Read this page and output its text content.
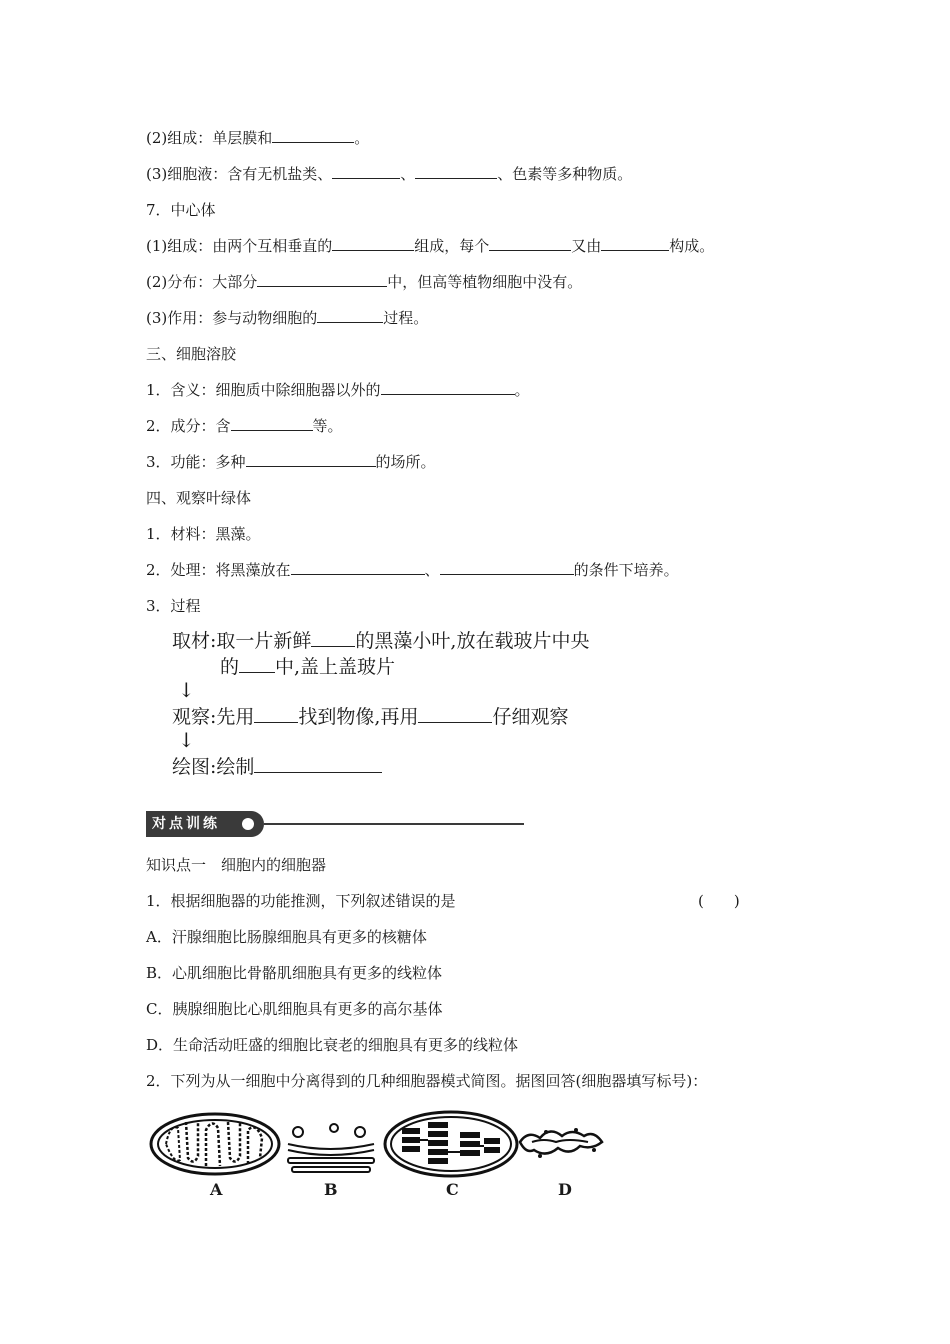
(2)组成：单层膜和	。
(3)细胞液：含有无机盐类、	、	、色素等多种物质。
7．中心体
(1)组成：由两个互相垂直的	组成，每个	又由	构成。
(2)分布：大部分	中，但高等植物细胞中没有。
(3)作用：参与动物细胞的	过程。
三、细胞溶胶
1．含义：细胞质中除细胞器以外的	。
2．成分：含	等。
3．功能：多种	的场所。
四、观察叶绿体
1．材料：黑藻。
2．处理：将黑藻放在	、	的条件下培养。
3．过程
取材:取一片新鲜 的黑藻小叶,放在载玻片中央
的 中,盖上盖玻片
↓
观察:先用 找到物像,再用	仔细观察
↓
绘图:绘制
对点训练
知识点一　细胞内的细胞器
1．根据细胞器的功能推测，下列叙述错误的是	(　　)
A．汗腺细胞比肠腺细胞具有更多的核糖体
B．心肌细胞比骨骼肌细胞具有更多的线粒体
C．胰腺细胞比心肌细胞具有更多的高尔基体
D．生命活动旺盛的细胞比衰老的细胞具有更多的线粒体
2．下列为从一细胞中分离得到的几种细胞器模式简图。据图回答(细胞器填写标号)：
A	B	C	D
